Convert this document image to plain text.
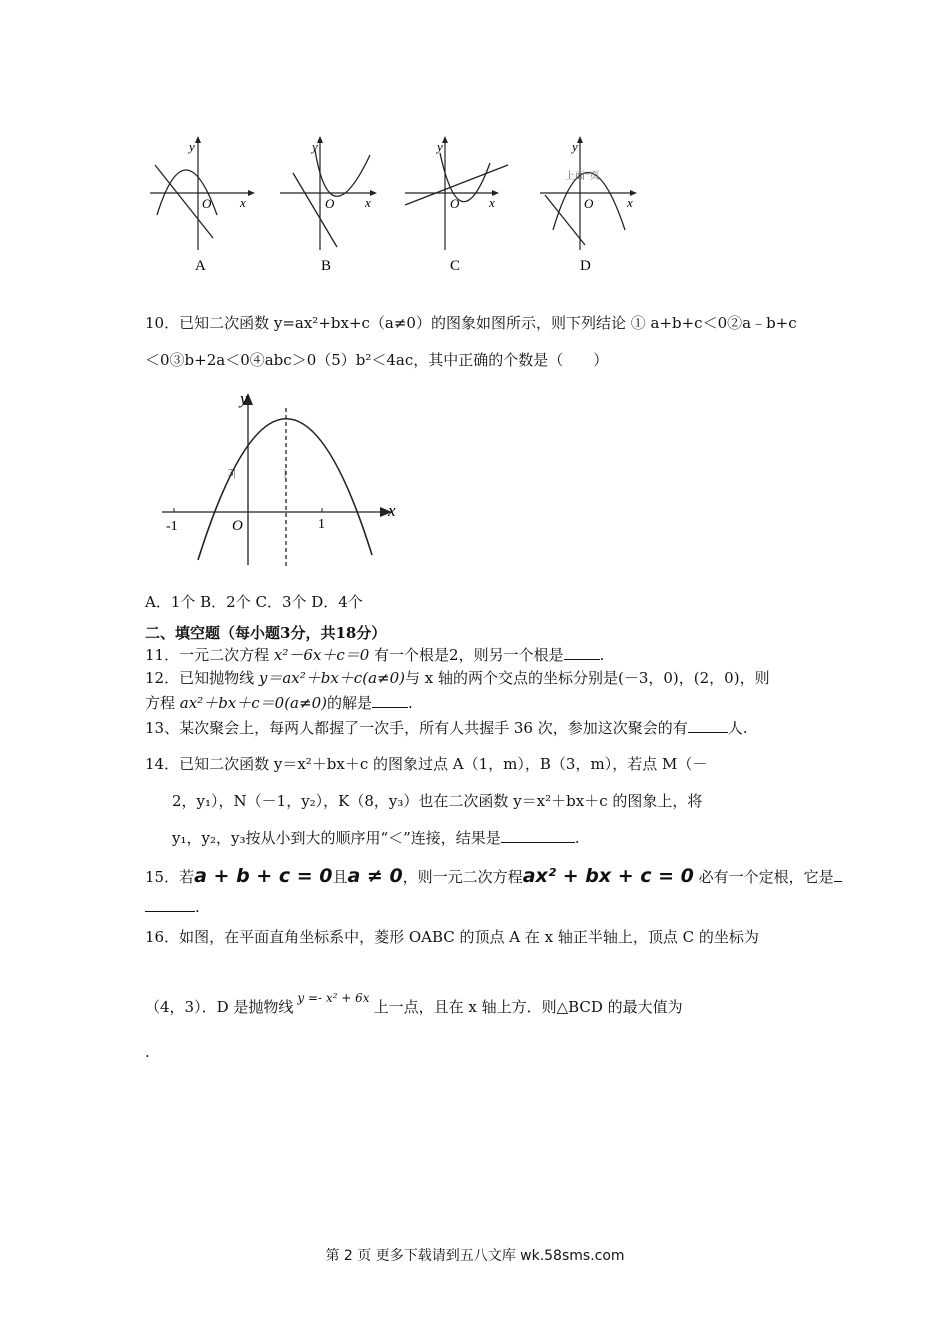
y
x
O
A
y
x
O
B
y
x
O
C
上面“页
y
x
O
D
10．已知二次函数 y=ax²+bx+c（a≠0）的图象如图所示，则下列结论 ① a+b+c＜0②a﹣b+c
＜0③b+2a＜0④abc＞0（5）b²＜4ac，其中正确的个数是（　　）
y
x
O
-1	1
3|	|
A．1个 B．2个 C．3个 D．4个
二、填空题（每小题3分，共18分）
11．一元二次方程 x²－6x＋c＝0 有一个根是2，则另一个根是 .
12．已知抛物线 y＝ax²＋bx＋c(a≠0)与 x 轴的两个交点的坐标分别是(－3，0)，(2，0)，则
方程 ax²＋bx＋c＝0(a≠0)的解是 .
13、某次聚会上，每两人都握了一次手，所有人共握手 36 次，参加这次聚会的有	人.
14．已知二次函数 y＝x²＋bx＋c 的图象过点 A（1，m），B（3，m），若点 M（－
2，y₁），N（－1，y₂），K（8，y₃）也在二次函数 y＝x²＋bx＋c 的图象上，将
y₁，y₂，y₃按从小到大的顺序用“＜”连接，结果是	.
15．若a + b + c = 0且a ≠ 0，则一元二次方程ax² + bx + c = 0 必有一个定根，它是
.
16．如图，在平面直角坐标系中，菱形 OABC 的顶点 A 在 x 轴正半轴上，顶点 C 的坐标为
（4，3）．D 是抛物线 $^{y =- x^2 + 6x}$ 上一点，且在 x 轴上方．则△BCD 的最大值为
.
第 2 页 更多下载请到五八文库 wk.58sms.com
